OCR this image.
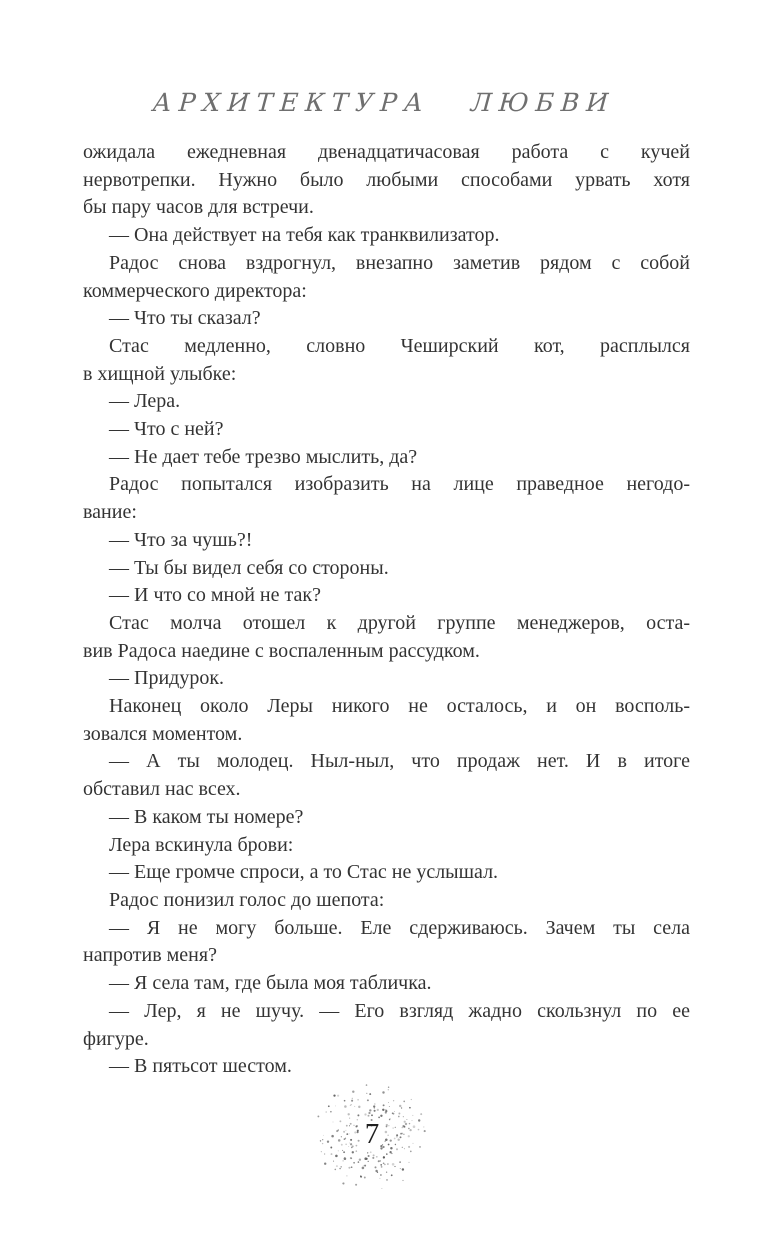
АРХИТЕКТУРА ЛЮБВИ
ожидала ежедневная двенадцатичасовая работа с кучей
нервотрепки. Нужно было любыми способами урвать хотя
бы пару часов для встречи.
— Она действует на тебя как транквилизатор.
Радос снова вздрогнул, внезапно заметив рядом с собой
коммерческого директора:
— Что ты сказал?
Стас медленно, словно Чеширский кот, расплылся
в хищной улыбке:
— Лера.
— Что с ней?
— Не дает тебе трезво мыслить, да?
Радос попытался изобразить на лице праведное негодо-
вание:
— Что за чушь?!
— Ты бы видел себя со стороны.
— И что со мной не так?
Стас молча отошел к другой группе менеджеров, оста-
вив Радоса наедине с воспаленным рассудком.
— Придурок.
Наконец около Леры никого не осталось, и он восполь-
зовался моментом.
— А ты молодец. Ныл-ныл, что продаж нет. И в итоге
обставил нас всех.
— В каком ты номере?
Лера вскинула брови:
— Еще громче спроси, а то Стас не услышал.
Радос понизил голос до шепота:
— Я не могу больше. Еле сдерживаюсь. Зачем ты села
напротив меня?
— Я села там, где была моя табличка.
— Лер, я не шучу. — Его взгляд жадно скользнул по ее
фигуре.
— В пятьсот шестом.
7
